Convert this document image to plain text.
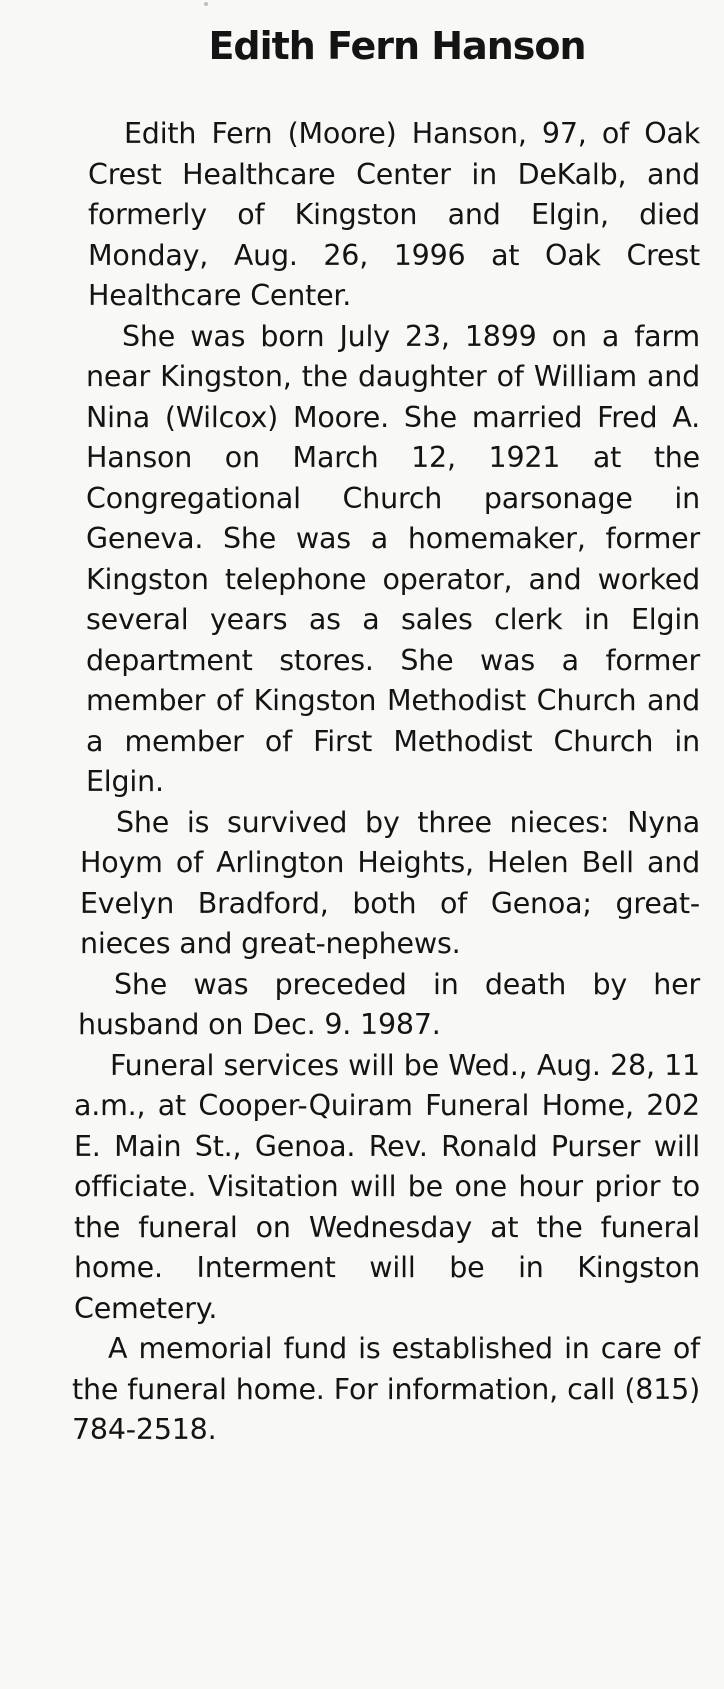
Edith Fern Hanson

Edith Fern (Moore) Hanson, 97, of Oak Crest Healthcare Center in DeKalb, and formerly of Kingston and Elgin, died Monday, Aug. 26, 1996 at Oak Crest Healthcare Center.

She was born July 23, 1899 on a farm near Kingston, the daughter of William and Nina (Wilcox) Moore. She married Fred A. Hanson on March 12, 1921 at the Congregational Church parsonage in Geneva. She was a homemaker, former Kingston telephone operator, and worked several years as a sales clerk in Elgin department stores. She was a former member of Kingston Methodist Church and a member of First Methodist Church in Elgin.

She is survived by three nieces: Nyna Hoym of Arlington Heights, Helen Bell and Evelyn Bradford, both of Genoa; great-nieces and great-nephews.

She was preceded in death by her husband on Dec. 9. 1987.

Funeral services will be Wed., Aug. 28, 11 a.m., at Cooper-Quiram Funeral Home, 202 E. Main St., Genoa. Rev. Ronald Purser will officiate. Visitation will be one hour prior to the funeral on Wednesday at the funeral home. Interment will be in Kingston Cemetery.

A memorial fund is established in care of the funeral home. For information, call (815) 784-2518.
